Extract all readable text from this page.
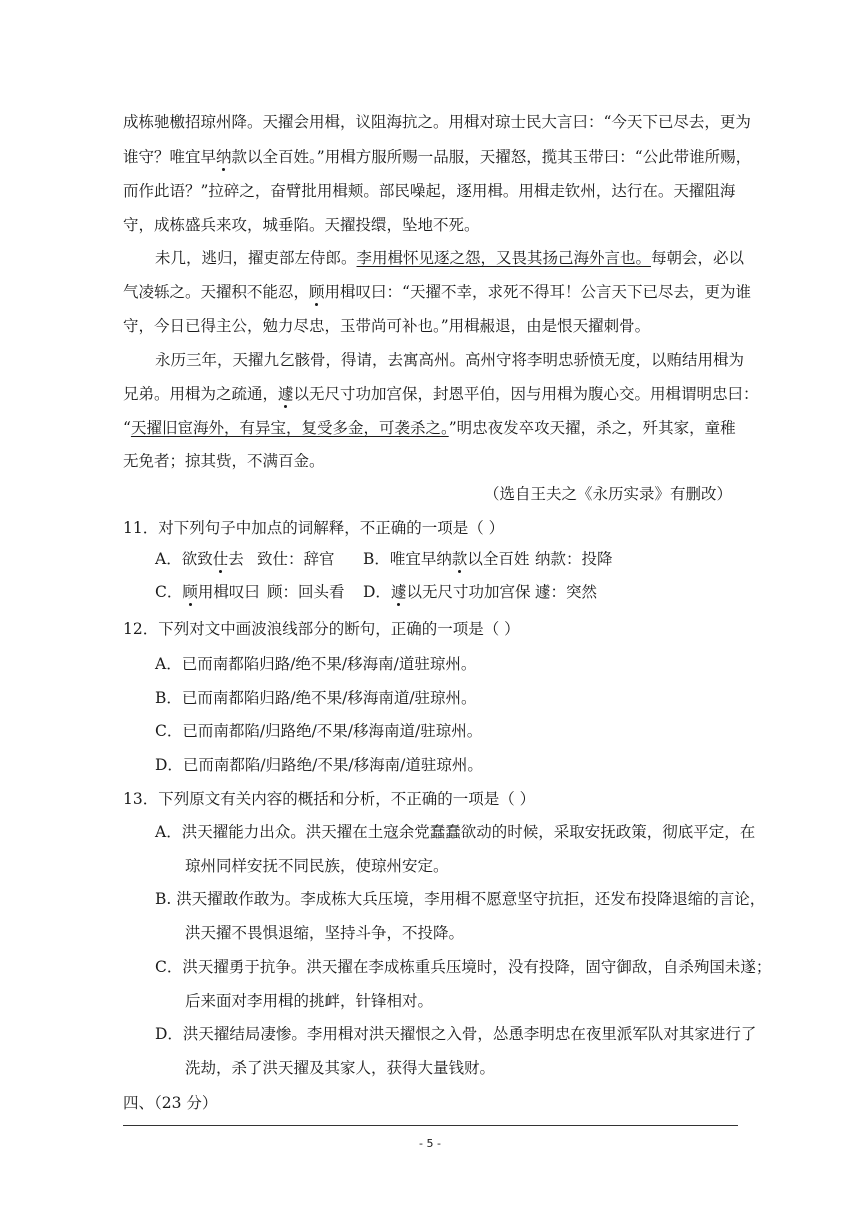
成栋驰檄招琼州降。天擢会用楫，议阻海抗之。用楫对琼士民大言曰：“今天下已尽去，更为
谁守？唯宜早纳款以全百姓。”用楫方服所赐一品服，天擢怒，揽其玉带曰：“公此带谁所赐，
而作此语？”拉碎之，奋臂批用楫颊。部民噪起，逐用楫。用楫走钦州，达行在。天擢阻海
守，成栋盛兵来攻，城垂陷。天擢投缳，坠地不死。
未几，逃归，擢吏部左侍郎。李用楫怀见逐之怨，又畏其扬己海外言也。每朝会，必以
气凌轹之。天擢积不能忍，顾用楫叹曰：“天擢不幸，求死不得耳！公言天下已尽去，更为谁
守，今日已得主公，勉力尽忠，玉带尚可补也。”用楫赧退，由是恨天擢刺骨。
永历三年，天擢九乞骸骨，得请，去寓高州。高州守将李明忠骄愤无度，以贿结用楫为
兄弟。用楫为之疏通，遽以无尺寸功加宫保，封恩平伯，因与用楫为腹心交。用楫谓明忠曰：
“天擢旧宦海外，有异宝，复受多金，可袭杀之。”明忠夜发卒攻天擢，杀之，歼其家，童稚
无免者；掠其赀，不满百金。
（选自王夫之《永历实录》有删改）
11．对下列句子中加点的词解释，不正确的一项是（ ）
A．欲致仕去 致仕：辞官 B．唯宜早纳款以全百姓 纳款：投降
C．顾用楫叹曰 顾：回头看 D．遽以无尺寸功加宫保 遽：突然
12．下列对文中画波浪线部分的断句，正确的一项是（ ）
A．已而南都陷归路/绝不果/移海南/道驻琼州。
B．已而南都陷归路/绝不果/移海南道/驻琼州。
C．已而南都陷/归路绝/不果/移海南道/驻琼州。
D．已而南都陷/归路绝/不果/移海南/道驻琼州。
13．下列原文有关内容的概括和分析，不正确的一项是（ ）
A．洪天擢能力出众。洪天擢在土寇余党蠢蠢欲动的时候，采取安抚政策，彻底平定，在
琼州同样安抚不同民族，使琼州安定。
B. 洪天擢敢作敢为。李成栋大兵压境，李用楫不愿意坚守抗拒，还发布投降退缩的言论，
洪天擢不畏惧退缩，坚持斗争，不投降。
C．洪天擢勇于抗争。洪天擢在李成栋重兵压境时，没有投降，固守御敌，自杀殉国未遂；
后来面对李用楫的挑衅，针锋相对。
D．洪天擢结局凄惨。李用楫对洪天擢恨之入骨，怂恿李明忠在夜里派军队对其家进行了
洗劫，杀了洪天擢及其家人，获得大量钱财。
四、（23 分）
- 5 -
